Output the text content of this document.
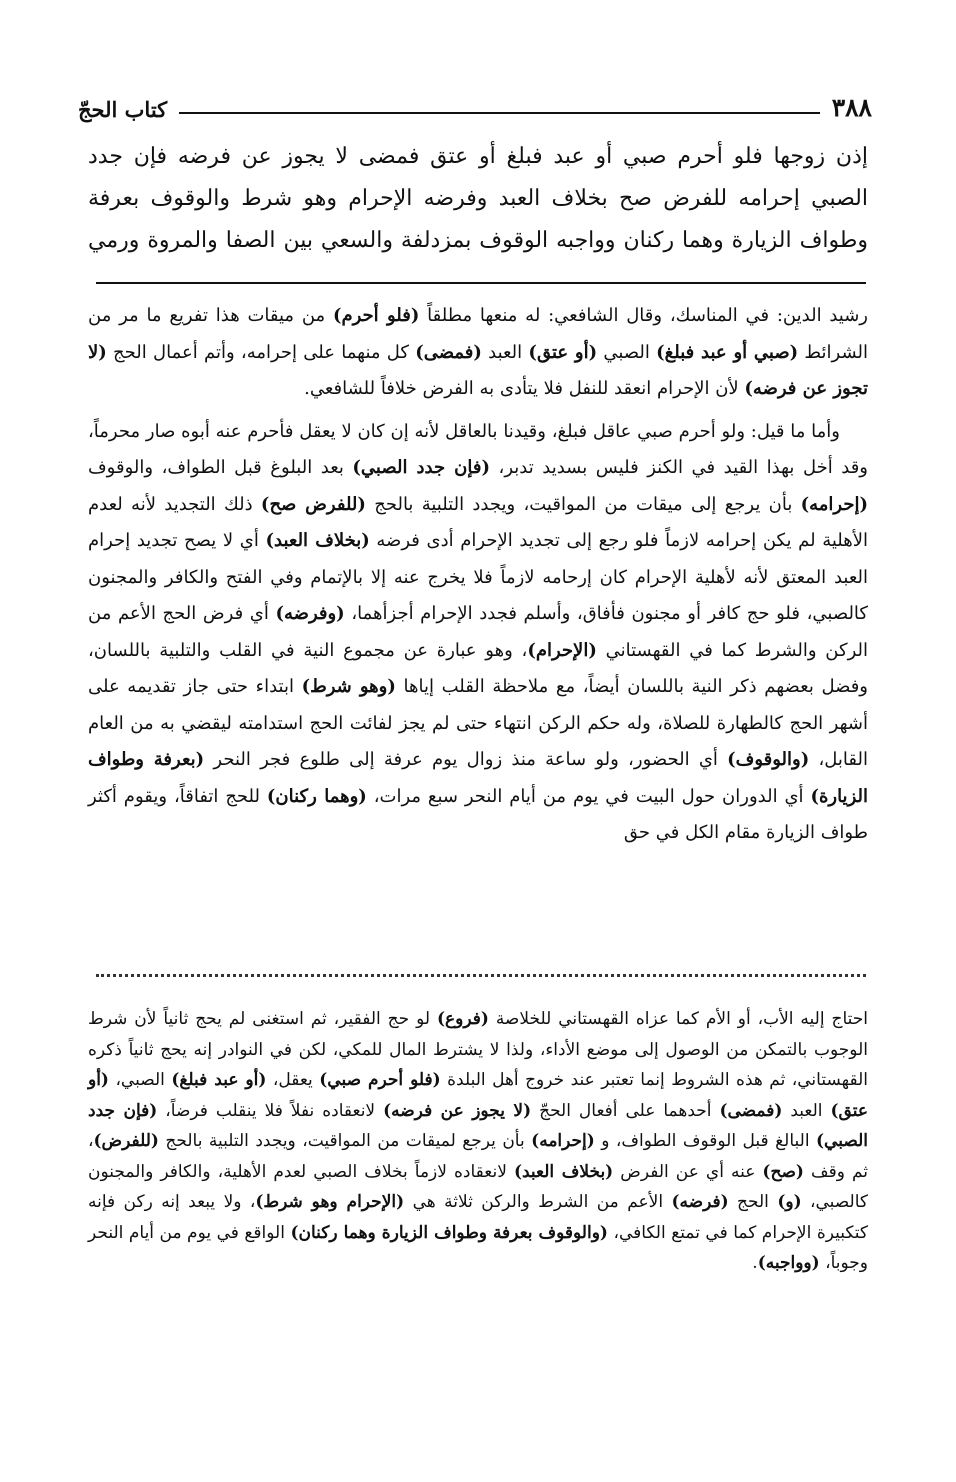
٣٨٨
كتاب الحجّ
إذن زوجها فلو أحرم صبي أو عبد فبلغ أو عتق فمضى لا يجوز عن فرضه فإن جدد
الصبي إحرامه للفرض صح بخلاف العبد وفرضه الإحرام وهو شرط والوقوف بعرفة
وطواف الزيارة وهما ركنان وواجبه الوقوف بمزدلفة والسعي بين الصفا والمروة ورمي

رشيد الدين: في المناسك، وقال الشافعي: له منعها مطلقاً (فلو أحرم) من ميقات هذا تفريع ما مر من الشرائط (صبي أو عبد فبلغ) الصبي (أو عتق) العبد (فمضى) كل منهما على إحرامه، وأتم أعمال الحج (لا تجوز عن فرضه) لأن الإحرام انعقد للنفل فلا يتأدى به الفرض خلافاً للشافعي.

وأما ما قيل: ولو أحرم صبي عاقل فبلغ، وقيدنا بالعاقل لأنه إن كان لا يعقل فأحرم عنه أبوه صار محرماً، وقد أخل بهذا القيد في الكنز فليس بسديد تدبر، (فإن جدد الصبي) بعد البلوغ قبل الطواف، والوقوف (إحرامه) بأن يرجع إلى ميقات من المواقيت، ويجدد التلبية بالحج (للفرض صح) ذلك التجديد لأنه لعدم الأهلية لم يكن إحرامه لازماً فلو رجع إلى تجديد الإحرام أدى فرضه (بخلاف العبد) أي لا يصح تجديد إحرام العبد المعتق لأنه لأهلية الإحرام كان إرحامه لازماً فلا يخرج عنه إلا بالإتمام وفي الفتح والكافر والمجنون كالصبي، فلو حج كافر أو مجنون فأفاق، وأسلم فجدد الإحرام أجزأهما، (وفرضه) أي فرض الحج الأعم من الركن والشرط كما في القهستاني (الإحرام)، وهو عبارة عن مجموع النية في القلب والتلبية باللسان، وفضل بعضهم ذكر النية باللسان أيضاً، مع ملاحظة القلب إياها (وهو شرط) ابتداء حتى جاز تقديمه على أشهر الحج كالطهارة للصلاة، وله حكم الركن انتهاء حتى لم يجز لفائت الحج استدامته ليقضي به من العام القابل، (والوقوف) أي الحضور، ولو ساعة منذ زوال يوم عرفة إلى طلوع فجر النحر (بعرفة وطواف الزيارة) أي الدوران حول البيت في يوم من أيام النحر سبع مرات، (وهما ركنان) للحج اتفاقاً، ويقوم أكثر طواف الزيارة مقام الكل في حق

احتاج إليه الأب، أو الأم كما عزاه القهستاني للخلاصة (فروع) لو حج الفقير، ثم استغنى لم يحج ثانياً لأن شرط الوجوب بالتمكن من الوصول إلى موضع الأداء، ولذا لا يشترط المال للمكي، لكن في النوادر إنه يحج ثانياً ذكره القهستاني، ثم هذه الشروط إنما تعتبر عند خروج أهل البلدة (فلو أحرم صبي) يعقل، (أو عبد فبلغ) الصبي، (أو عتق) العبد (فمضى) أحدهما على أفعال الحجّ (لا يجوز عن فرضه) لانعقاده نفلاً فلا ينقلب فرضاً، (فإن جدد الصبي) البالغ قبل الوقوف الطواف، و (إحرامه) بأن يرجع لميقات من المواقيت، ويجدد التلبية بالحج (للفرض)، ثم وقف (صح) عنه أي عن الفرض (بخلاف العبد) لانعقاده لازماً بخلاف الصبي لعدم الأهلية، والكافر والمجنون كالصبي، (و) الحج (فرضه) الأعم من الشرط والركن ثلاثة هي (الإحرام وهو شرط)، ولا يبعد إنه ركن فإنه كتكبيرة الإحرام كما في تمتع الكافي، (والوقوف بعرفة وطواف الزيارة وهما ركنان) الواقع في يوم من أيام النحر وجوباً، (وواجبه).
